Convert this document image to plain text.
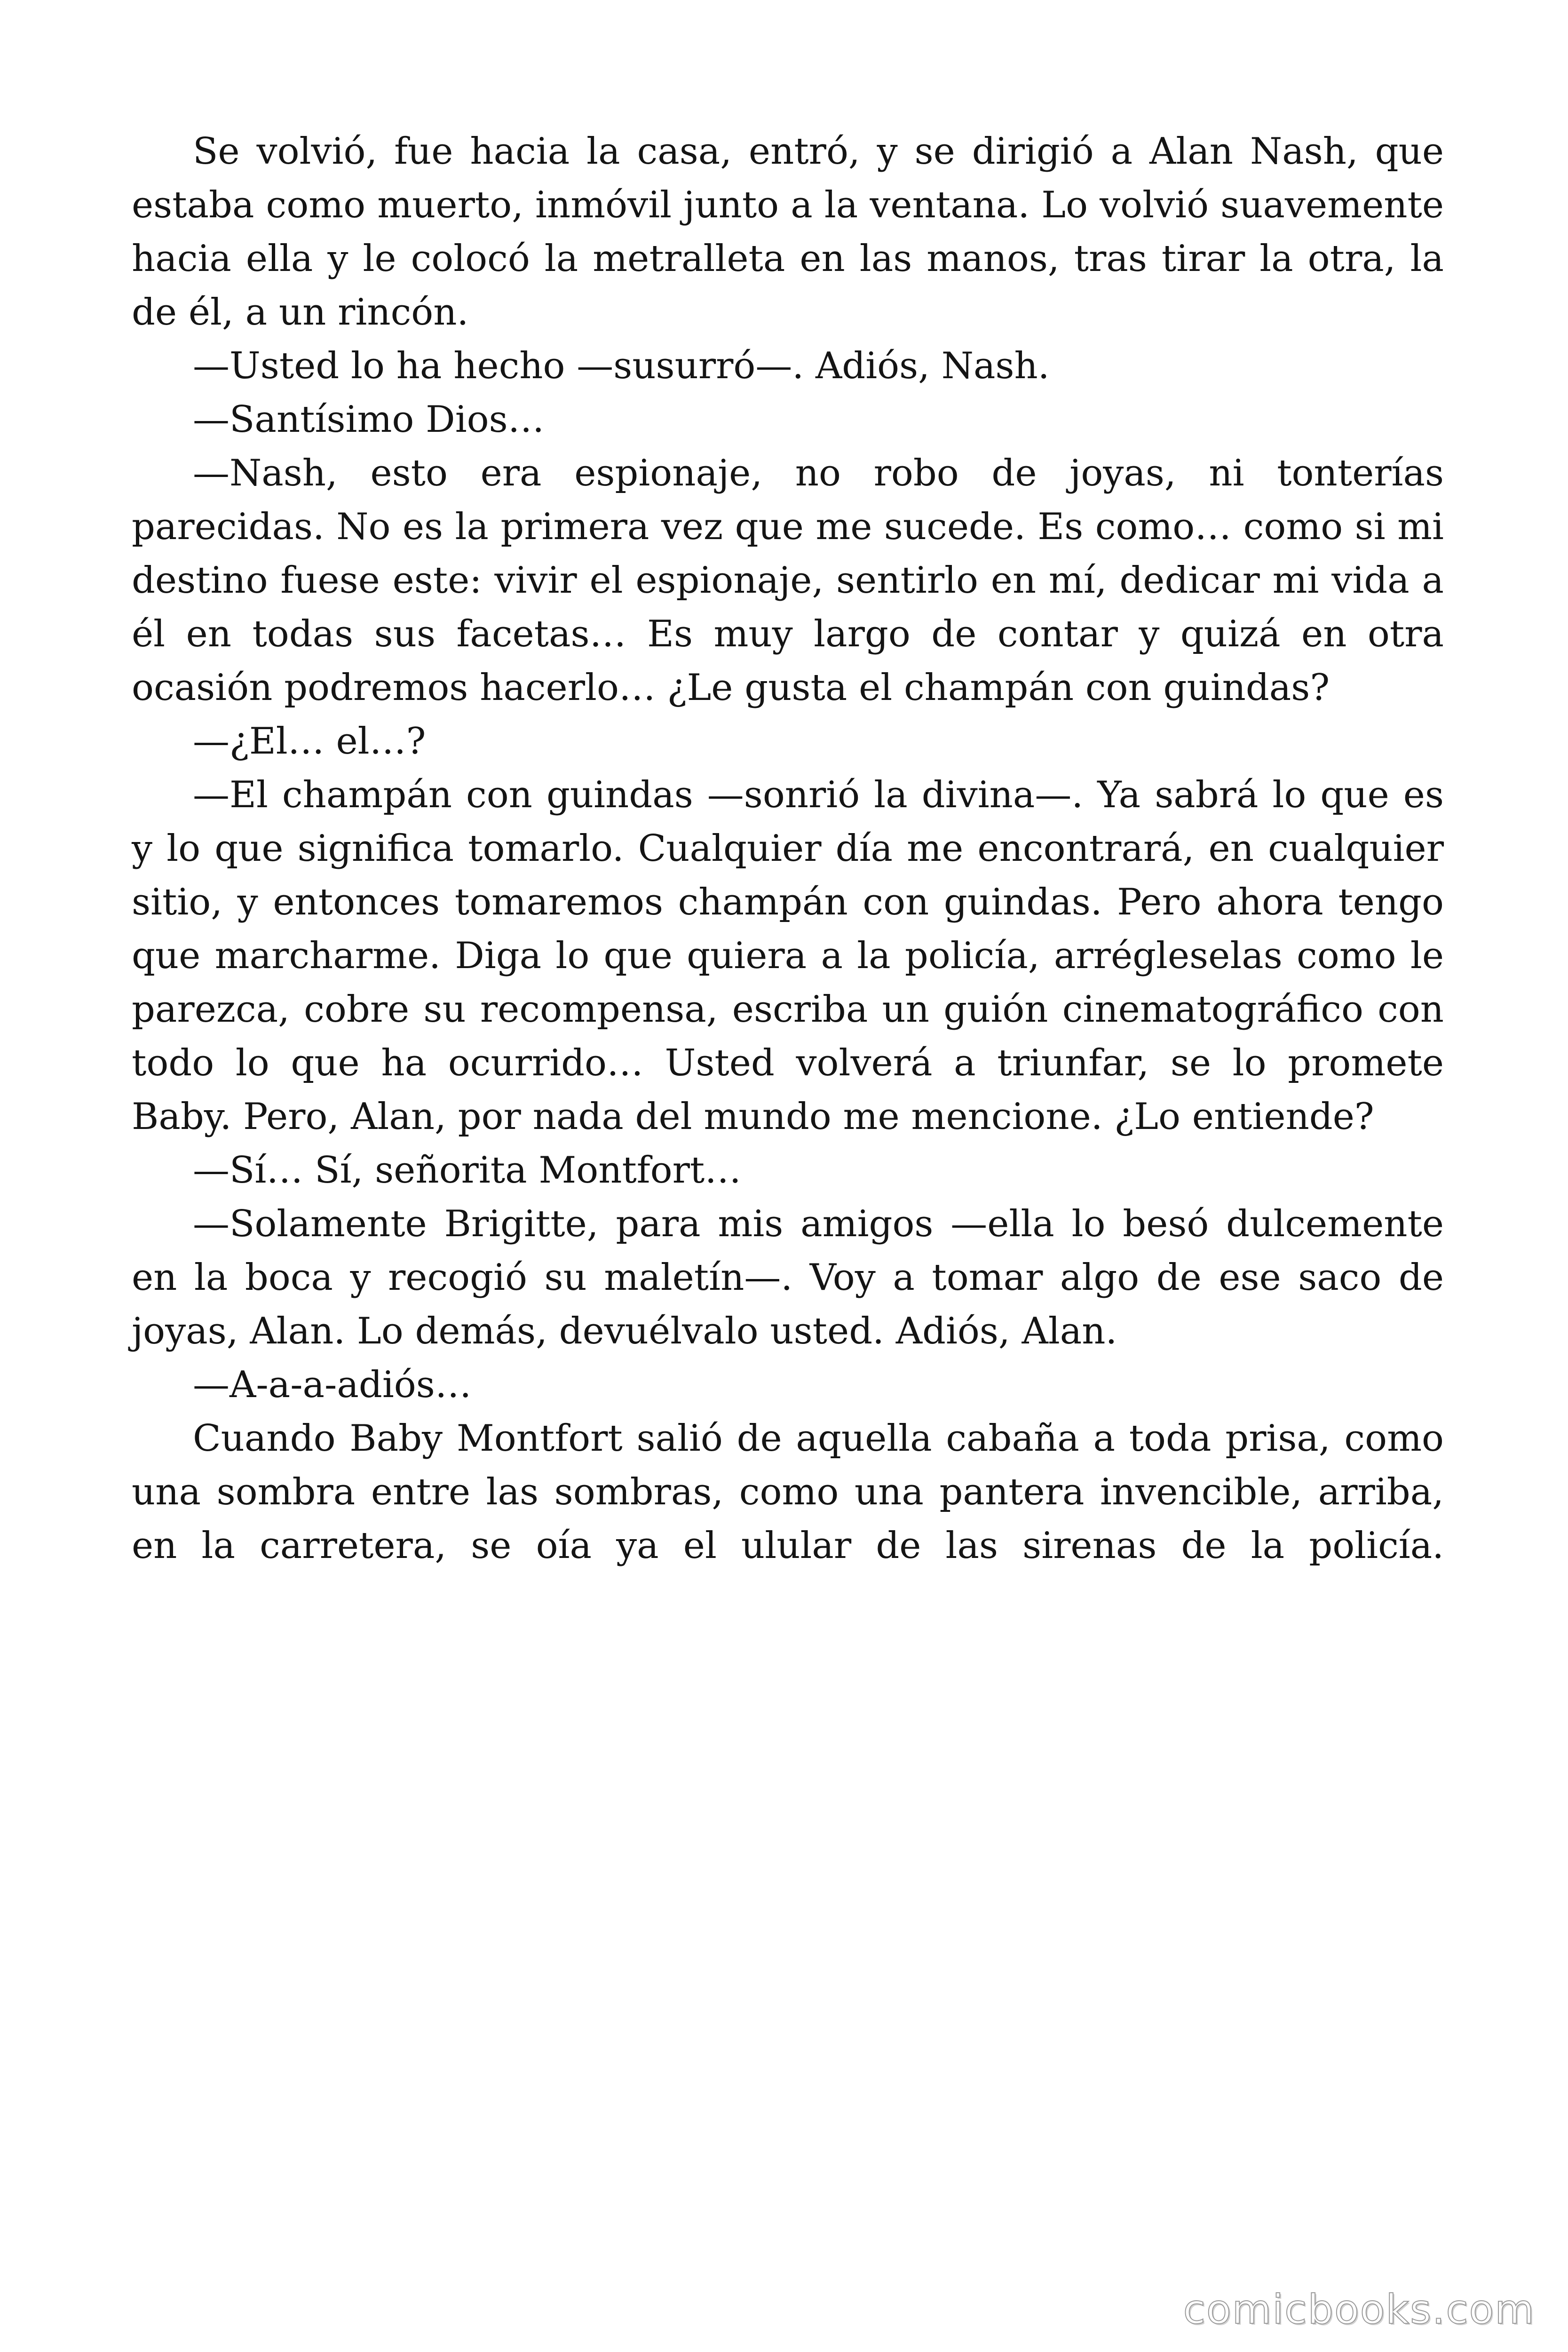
Se volvió, fue hacia la casa, entró, y se dirigió a Alan Nash, que estaba como muerto, inmóvil junto a la ventana. Lo volvió suavemente hacia ella y le colocó la metralleta en las manos, tras tirar la otra, la de él, a un rincón.

—Usted lo ha hecho —susurró—. Adiós, Nash.

—Santísimo Dios…

—Nash, esto era espionaje, no robo de joyas, ni tonterías parecidas. No es la primera vez que me sucede. Es como… como si mi destino fuese este: vivir el espionaje, sentirlo en mí, dedicar mi vida a él en todas sus facetas… Es muy largo de contar y quizá en otra ocasión podremos hacerlo… ¿Le gusta el champán con guindas?

—¿El… el…?

—El champán con guindas —sonrió la divina—. Ya sabrá lo que es y lo que significa tomarlo. Cualquier día me encontrará, en cualquier sitio, y entonces tomaremos champán con guindas. Pero ahora tengo que marcharme. Diga lo que quiera a la policía, arrégleselas como le parezca, cobre su recompensa, escriba un guión cinematográfico con todo lo que ha ocurrido… Usted volverá a triunfar, se lo promete Baby. Pero, Alan, por nada del mundo me mencione. ¿Lo entiende?

—Sí… Sí, señorita Montfort…

—Solamente Brigitte, para mis amigos —ella lo besó dulcemente en la boca y recogió su maletín—. Voy a tomar algo de ese saco de joyas, Alan. Lo demás, devuélvalo usted. Adiós, Alan.

—A-a-a-adiós…

Cuando Baby Montfort salió de aquella cabaña a toda prisa, como una sombra entre las sombras, como una pantera invencible, arriba, en la carretera, se oía ya el ulular de las sirenas de la policía.

comicbooks.com
